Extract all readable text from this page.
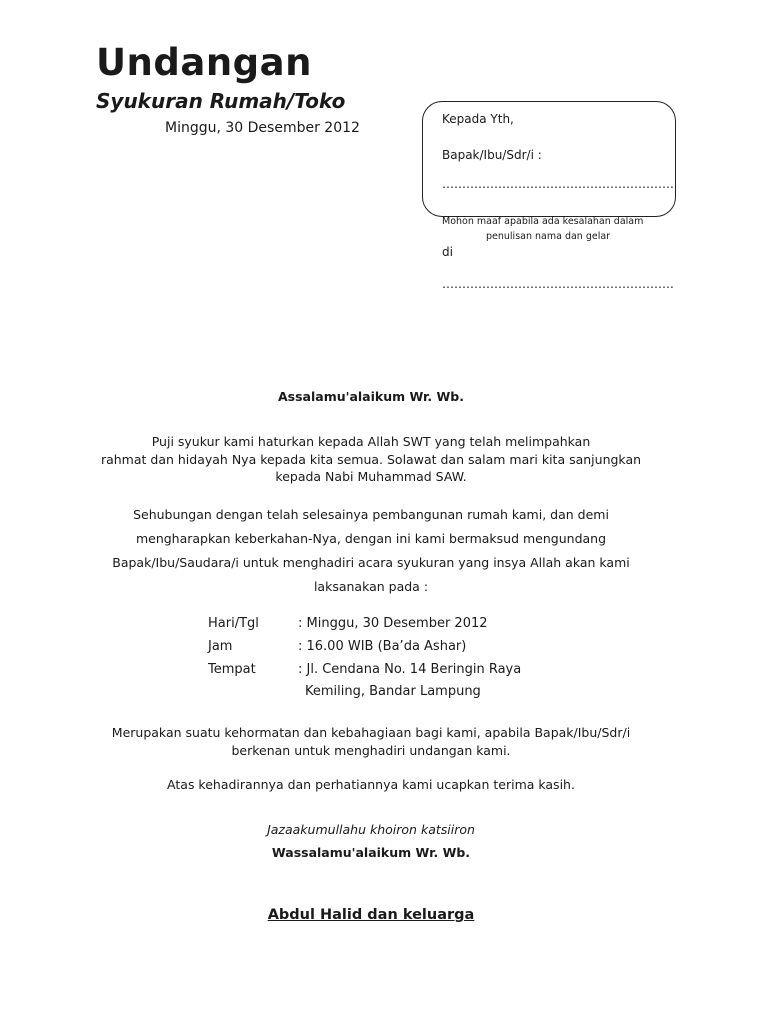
Undangan
Syukuran Rumah/Toko
Minggu, 30 Desember 2012
Kepada Yth,
Bapak/Ibu/Sdr/i :
………………………………………………….
Mohon maaf apabila ada kesalahan dalam
penulisan nama dan gelar
di
………………………………………………….
Assalamu'alaikum Wr. Wb.
Puji syukur kami haturkan kepada Allah SWT yang telah melimpahkan
rahmat dan hidayah Nya kepada kita semua. Solawat dan salam mari kita sanjungkan
kepada Nabi Muhammad SAW.
Sehubungan dengan telah selesainya pembangunan rumah kami, dan demi
mengharapkan keberkahan-Nya, dengan ini kami bermaksud mengundang
Bapak/Ibu/Saudara/i untuk menghadiri acara syukuran yang insya Allah akan kami
laksanakan pada :
Hari/Tgl	: Minggu, 30 Desember 2012
Jam	: 16.00 WIB (Ba’da Ashar)
Tempat	: Jl. Cendana No. 14 Beringin Raya
Kemiling, Bandar Lampung
Merupakan suatu kehormatan dan kebahagiaan bagi kami, apabila Bapak/Ibu/Sdr/i
berkenan untuk menghadiri undangan kami.
Atas kehadirannya dan perhatiannya kami ucapkan terima kasih.
Jazaakumullahu khoiron katsiiron
Wassalamu'alaikum Wr. Wb.
Abdul Halid dan keluarga
